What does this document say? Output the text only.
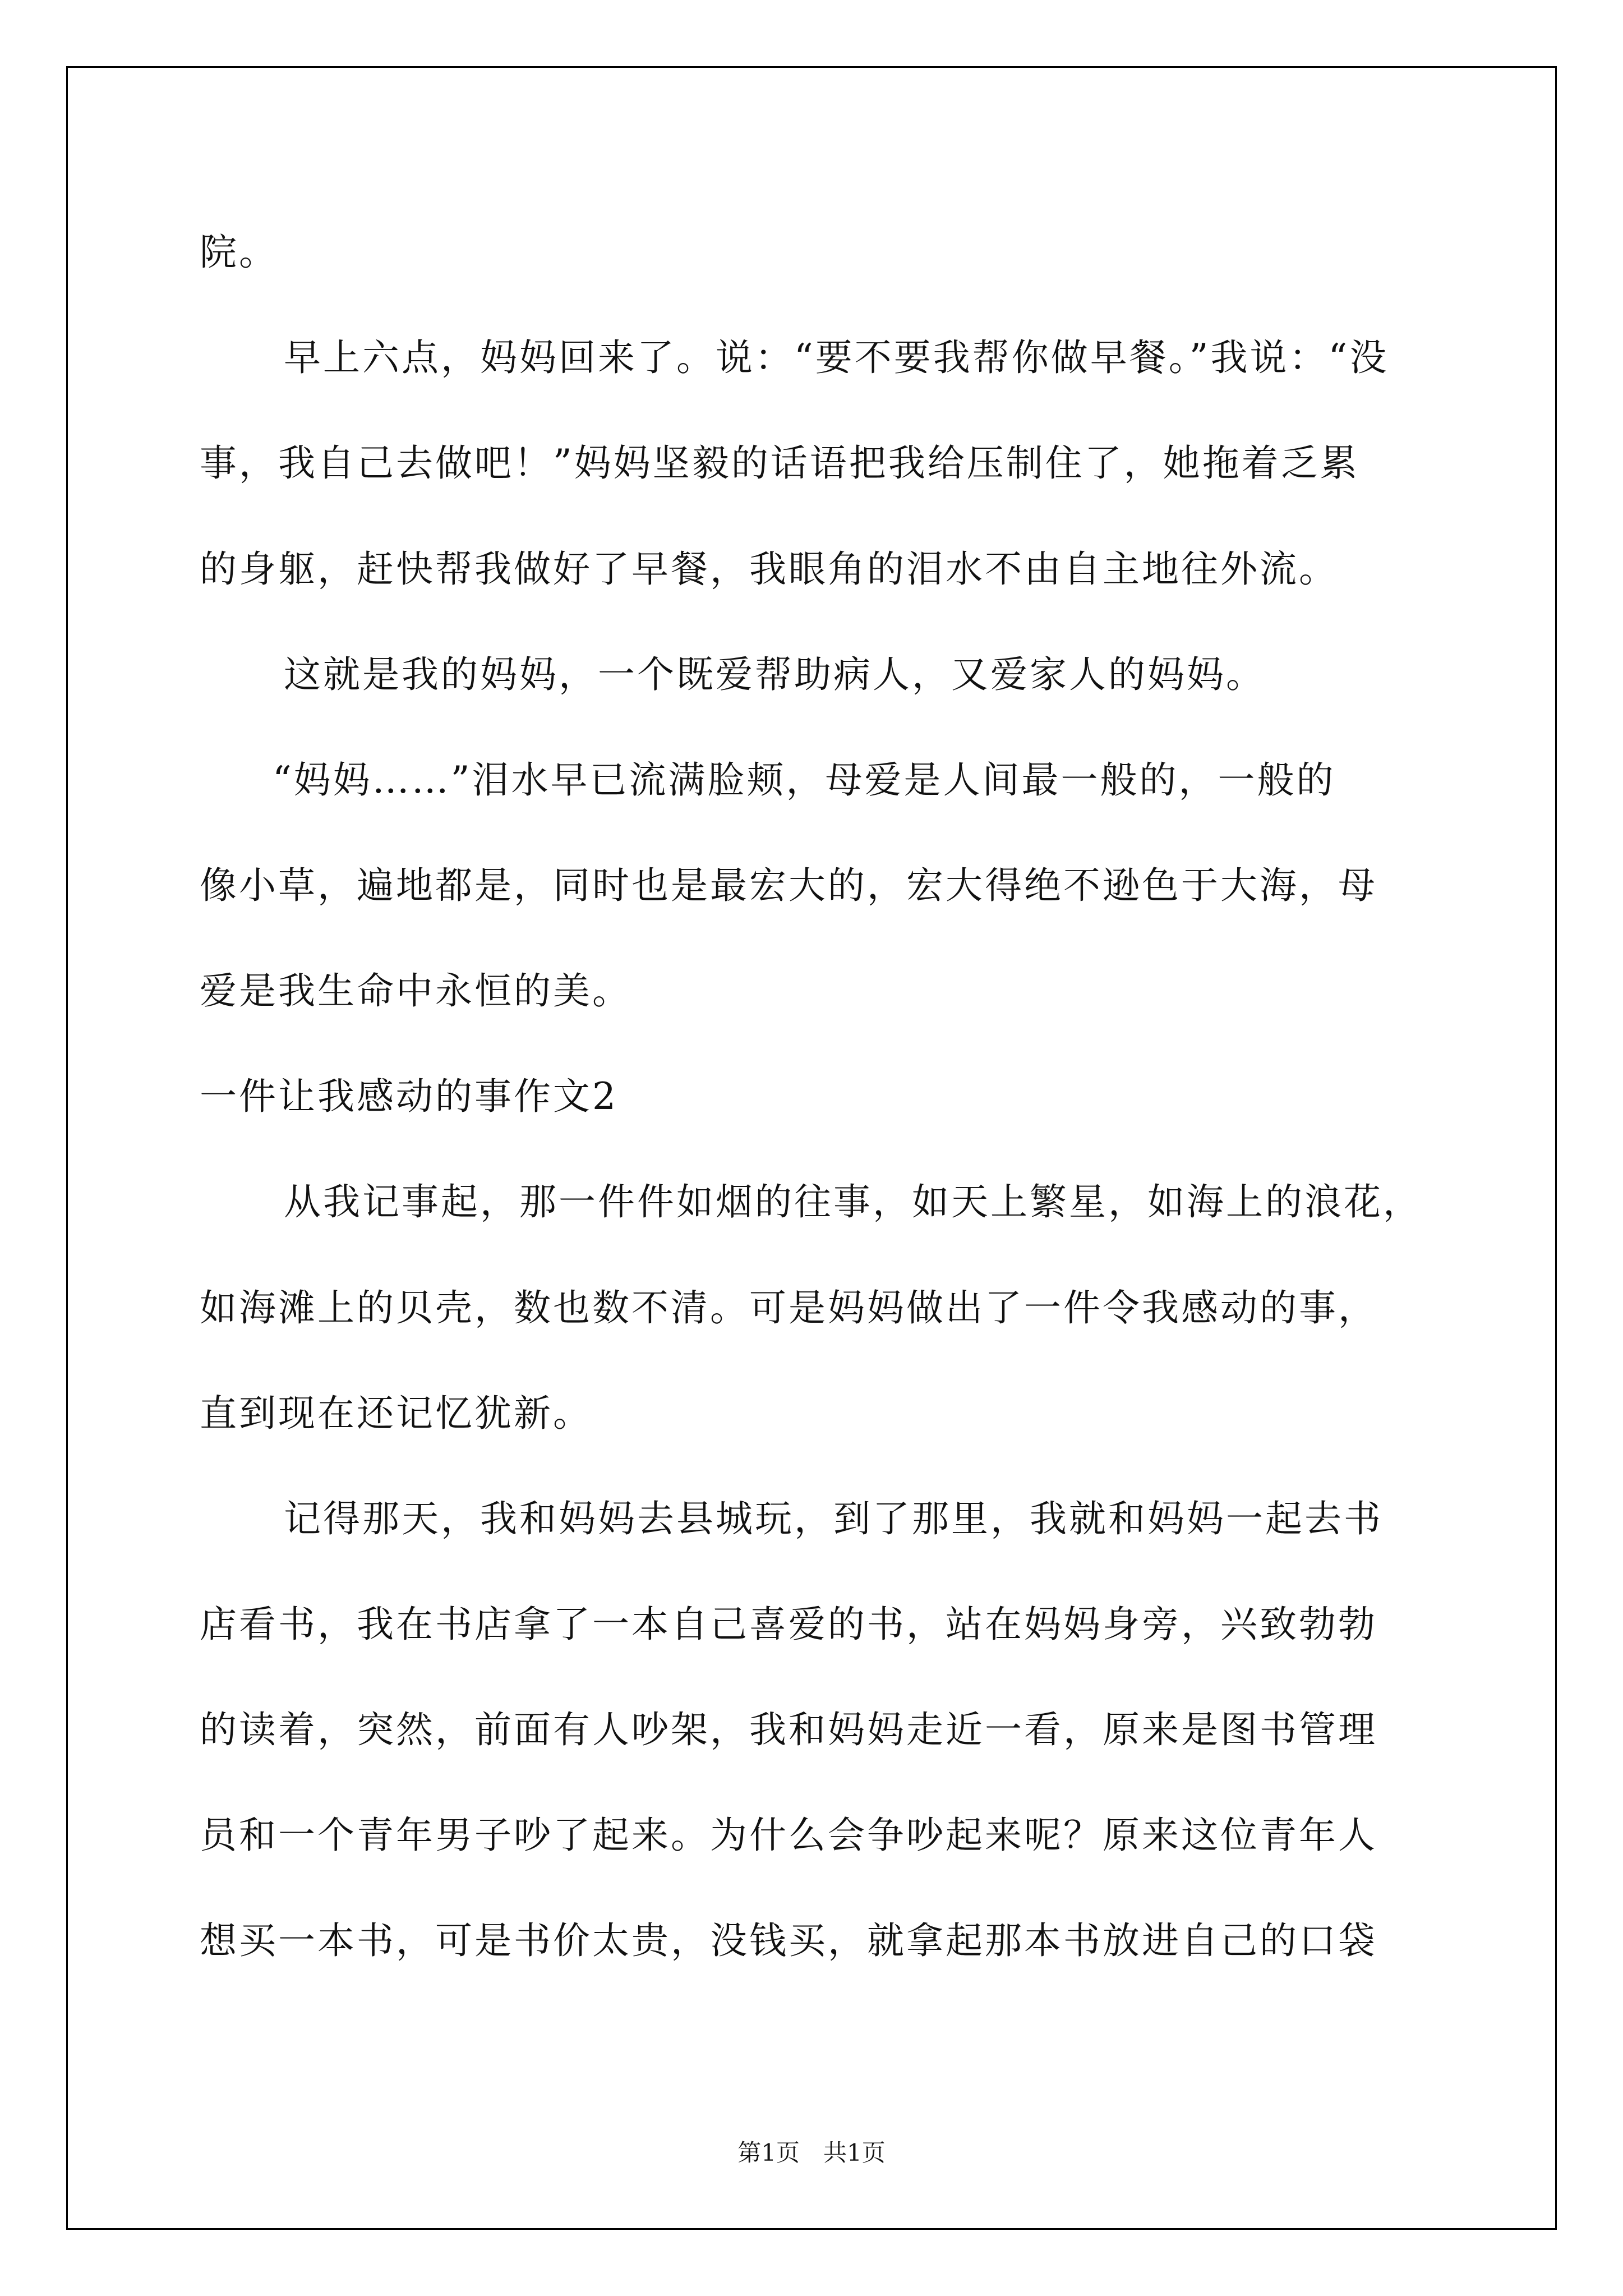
院。

早上六点，妈妈回来了。说：“要不要我帮你做早餐。”我说：“没

事，我自己去做吧！”妈妈坚毅的话语把我给压制住了，她拖着乏累

的身躯，赶快帮我做好了早餐，我眼角的泪水不由自主地往外流。

这就是我的妈妈，一个既爱帮助病人，又爱家人的妈妈。

“妈妈……”泪水早已流满脸颊，母爱是人间最一般的，一般的

像小草，遍地都是，同时也是最宏大的，宏大得绝不逊色于大海，母

爱是我生命中永恒的美。

一件让我感动的事作文2

从我记事起，那一件件如烟的往事，如天上繁星，如海上的浪花，

如海滩上的贝壳，数也数不清。可是妈妈做出了一件令我感动的事，

直到现在还记忆犹新。

记得那天，我和妈妈去县城玩，到了那里，我就和妈妈一起去书

店看书，我在书店拿了一本自己喜爱的书，站在妈妈身旁，兴致勃勃

的读着，突然，前面有人吵架，我和妈妈走近一看，原来是图书管理

员和一个青年男子吵了起来。为什么会争吵起来呢？原来这位青年人

想买一本书，可是书价太贵，没钱买，就拿起那本书放进自己的口袋

第1页　共1页
